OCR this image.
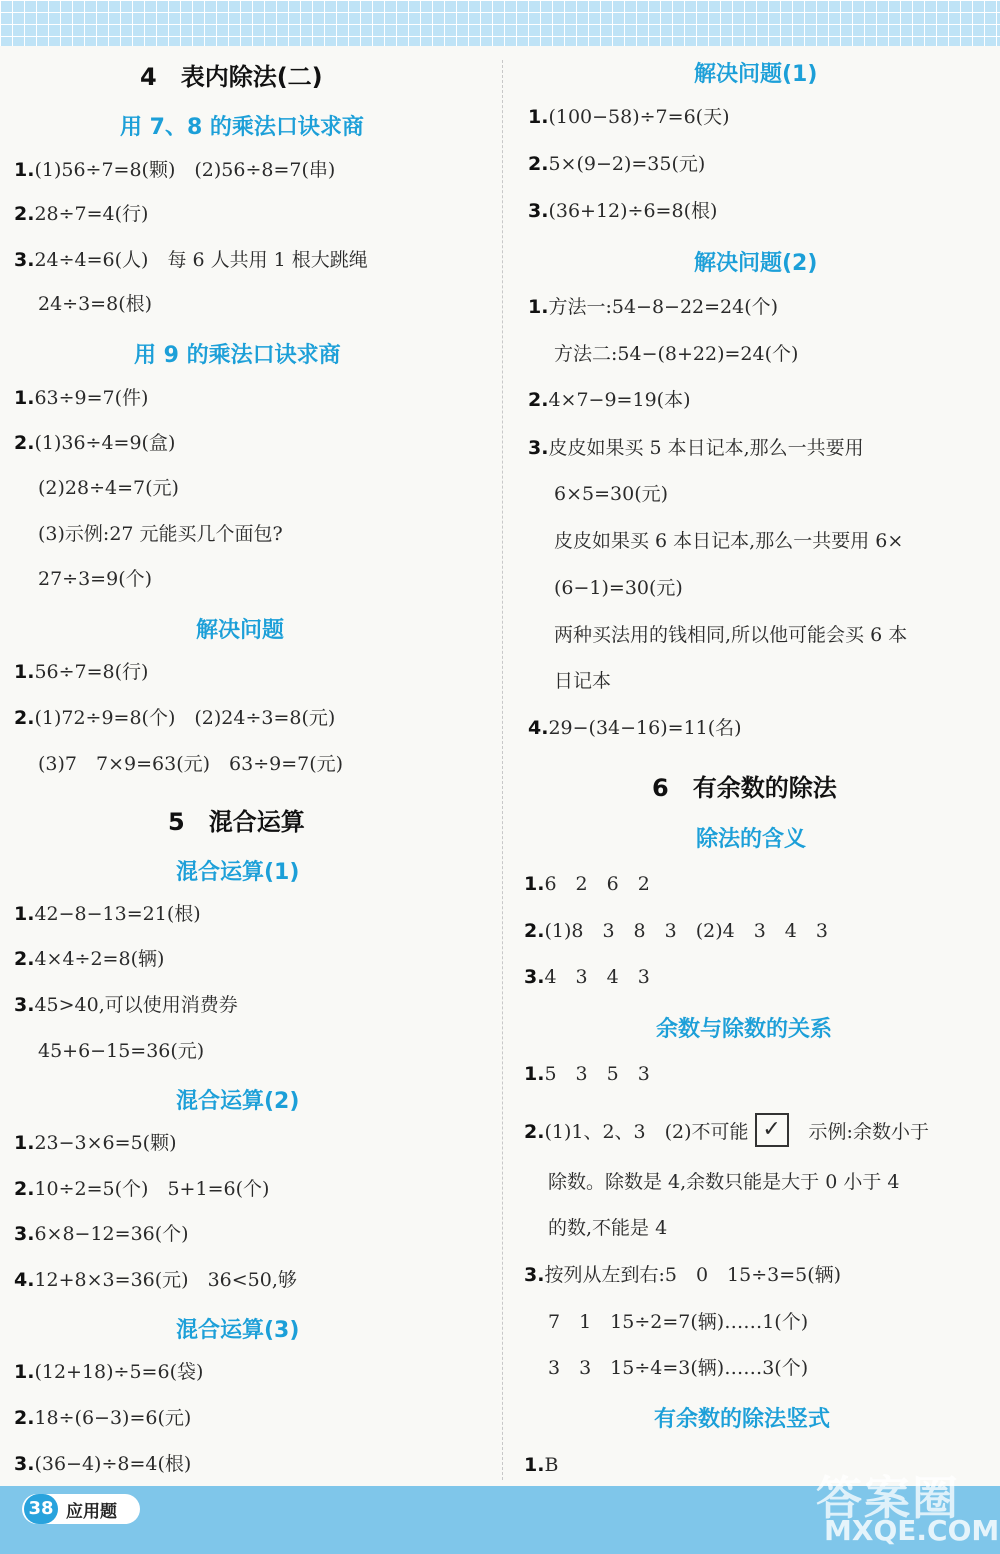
4　表内除法(二)
用 7、8 的乘法口诀求商
1.(1)56÷7=8(颗)　(2)56÷8=7(串)
2.28÷7=4(行)
3.24÷4=6(人)　每 6 人共用 1 根大跳绳
24÷3=8(根)
用 9 的乘法口诀求商
1.63÷9=7(件)
2.(1)36÷4=9(盒)
(2)28÷4=7(元)
(3)示例:27 元能买几个面包?
27÷3=9(个)
解决问题
1.56÷7=8(行)
2.(1)72÷9=8(个)　(2)24÷3=8(元)
(3)7　7×9=63(元)　63÷9=7(元)
5　混合运算
混合运算(1)
1.42−8−13=21(根)
2.4×4÷2=8(辆)
3.45>40,可以使用消费券
45+6−15=36(元)
混合运算(2)
1.23−3×6=5(颗)
2.10÷2=5(个)　5+1=6(个)
3.6×8−12=36(个)
4.12+8×3=36(元)　36<50,够
混合运算(3)
1.(12+18)÷5=6(袋)
2.18÷(6−3)=6(元)
3.(36−4)÷8=4(根)
解决问题(1)
1.(100−58)÷7=6(天)
2.5×(9−2)=35(元)
3.(36+12)÷6=8(根)
解决问题(2)
1.方法一:54−8−22=24(个)
方法二:54−(8+22)=24(个)
2.4×7−9=19(本)
3.皮皮如果买 5 本日记本,那么一共要用
6×5=30(元)
皮皮如果买 6 本日记本,那么一共要用 6×
(6−1)=30(元)
两种买法用的钱相同,所以他可能会买 6 本
日记本
4.29−(34−16)=11(名)
6　有余数的除法
除法的含义
1.6　2　6　2
2.(1)8　3　8　3　(2)4　3　4　3
3.4　3　4　3
余数与除数的关系
1.5　3　5　3
2.(1)1、2、3　(2)不可能 ✓ 示例:余数小于
除数。除数是 4,余数只能是大于 0 小于 4
的数,不能是 4
3.按列从左到右:5　0　15÷3=5(辆)
7　1　15÷2=7(辆)……1(个)
3　3　15÷4=3(辆)……3(个)
有余数的除法竖式
1.B
38 应用题	答案圈
MXQE.COM
